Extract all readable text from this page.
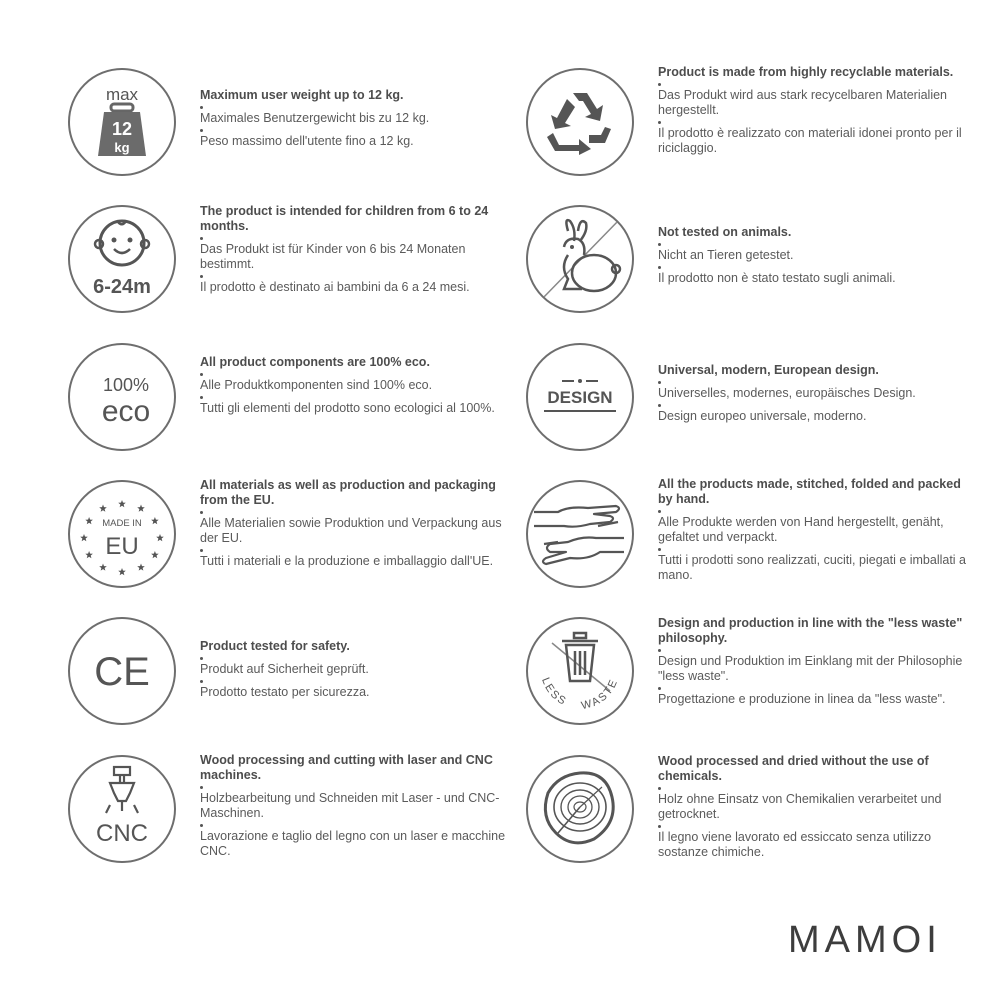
max
12
kg

Maximum user weight up to 12 kg.

Maximales Benutzergewicht bis zu 12 kg.

Peso massimo dell'utente fino a 12 kg.

Product is made from highly recyclable materials.

Das Produkt wird aus stark recycelbaren Materialien hergestellt.

Il prodotto è realizzato con materiali idonei pronto per il riciclaggio.

6-24m

The product is intended for children from 6 to 24 months.

Das Produkt ist für Kinder von 6 bis 24 Monaten bestimmt.

Il prodotto è destinato ai bambini da 6 a 24 mesi.

Not tested on animals.

Nicht an Tieren getestet.

Il prodotto non è stato testato sugli animali.

100%
eco

All product components are 100% eco.

Alle Produktkomponenten sind 100% eco.

Tutti gli elementi del prodotto sono ecologici al 100%.

DESIGN

Universal, modern, European design.

Universelles, modernes, europäisches Design.

Design europeo universale, moderno.

MADE IN
EU

All materials as well as production and packaging from the EU.

Alle Materialien sowie Produktion und Verpackung aus der EU.

Tutti i materiali e la produzione e imballaggio dall'UE.

All the products made, stitched, folded and packed by hand.

Alle Produkte werden von Hand hergestellt, genäht, gefaltet und verpackt.

Tutti i prodotti sono realizzati, cuciti, piegati e imballati a mano.

CE

Product tested for safety.

Produkt auf Sicherheit geprüft.

Prodotto testato per sicurezza.

LESS WASTE

Design and production in line with the "less waste" philosophy.

Design und Produktion im Einklang mit der Philosophie "less waste".

Progettazione e produzione in linea da "less waste".

CNC

Wood processing and cutting with laser and CNC machines.

Holzbearbeitung und Schneiden mit Laser - und CNC-Maschinen.

Lavorazione e taglio del legno con un laser e macchine CNC.

Wood processed and dried without the use of chemicals.

Holz ohne Einsatz von Chemikalien verarbeitet und getrocknet.

Il legno viene lavorato ed essiccato senza utilizzo sostanze chimiche.

MAMOI
